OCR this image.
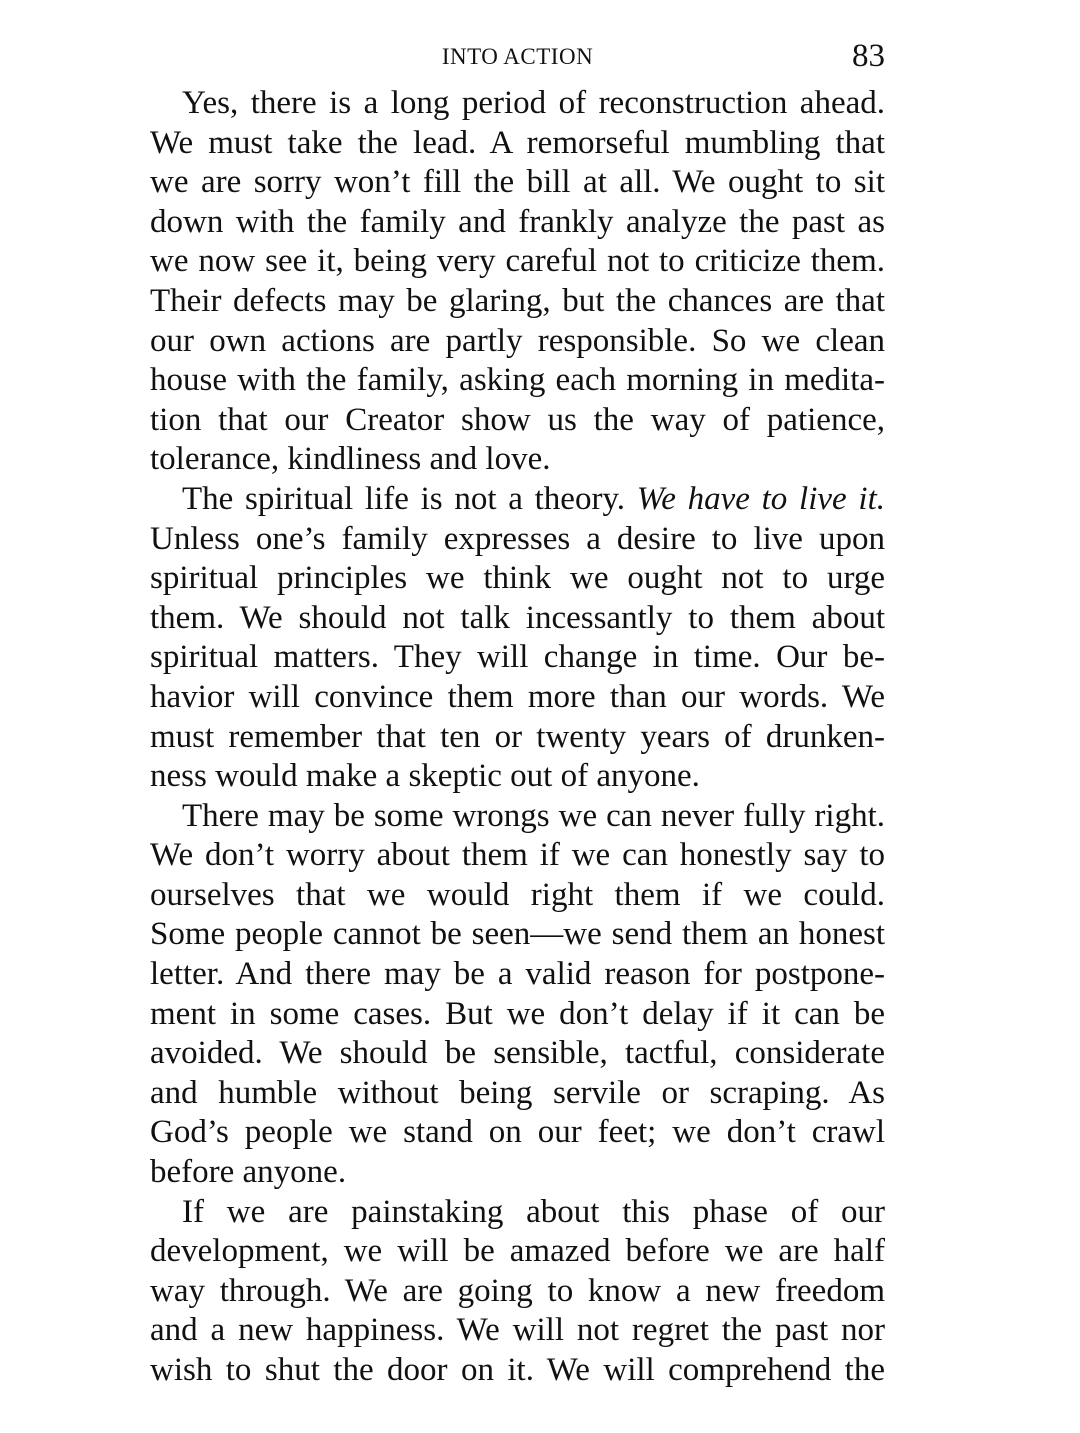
INTO ACTION	83
Yes, there is a long period of reconstruction ahead.
We must take the lead. A remorseful mumbling that
we are sorry won’t fill the bill at all. We ought to sit
down with the family and frankly analyze the past as
we now see it, being very careful not to criticize them.
Their defects may be glaring, but the chances are that
our own actions are partly responsible. So we clean
house with the family, asking each morning in medita-
tion that our Creator show us the way of patience,
tolerance, kindliness and love.
The spiritual life is not a theory. We have to live it.
Unless one’s family expresses a desire to live upon
spiritual principles we think we ought not to urge
them. We should not talk incessantly to them about
spiritual matters. They will change in time. Our be-
havior will convince them more than our words. We
must remember that ten or twenty years of drunken-
ness would make a skeptic out of anyone.
There may be some wrongs we can never fully right.
We don’t worry about them if we can honestly say to
ourselves that we would right them if we could.
Some people cannot be seen—we send them an honest
letter. And there may be a valid reason for postpone-
ment in some cases. But we don’t delay if it can be
avoided. We should be sensible, tactful, considerate
and humble without being servile or scraping. As
God’s people we stand on our feet; we don’t crawl
before anyone.
If we are painstaking about this phase of our
development, we will be amazed before we are half
way through. We are going to know a new freedom
and a new happiness. We will not regret the past nor
wish to shut the door on it. We will comprehend the
